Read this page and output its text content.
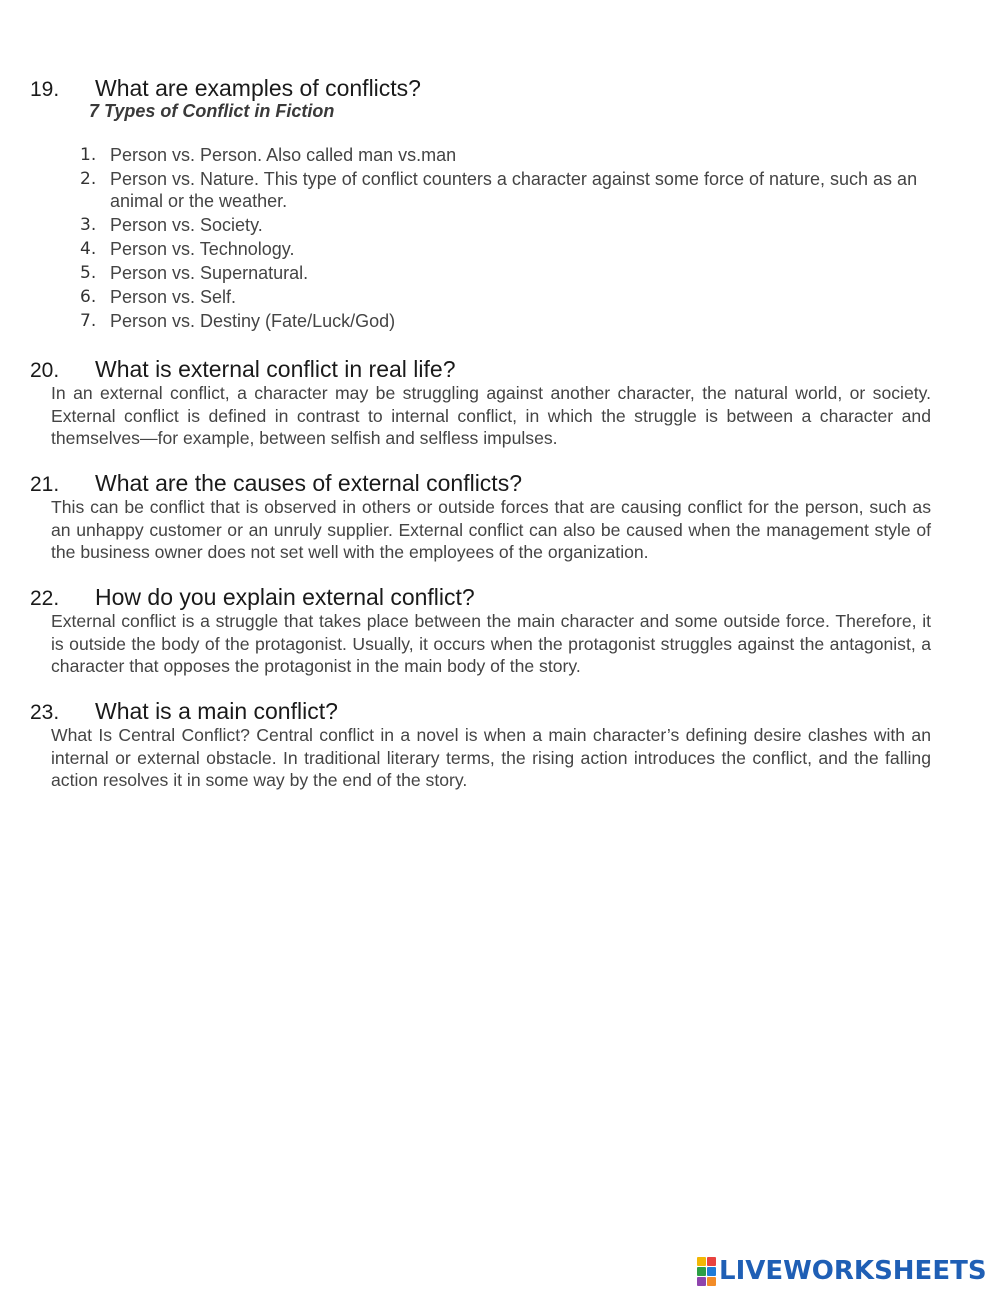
19.	What are examples of conflicts?
7 Types of Conflict in Fiction
1. Person vs. Person. Also called man vs.man
2. Person vs. Nature. This type of conflict counters a character against some force of nature, such as an animal or the weather.
3. Person vs. Society.
4. Person vs. Technology.
5. Person vs. Supernatural.
6. Person vs. Self.
7. Person vs. Destiny (Fate/Luck/God)
20.	What is external conflict in real life?
In an external conflict, a character may be struggling against another character, the natural world, or society. External conflict is defined in contrast to internal conflict, in which the struggle is between a character and themselves—for example, between selfish and selfless impulses.
21.	What are the causes of external conflicts?
This can be conflict that is observed in others or outside forces that are causing conflict for the person, such as an unhappy customer or an unruly supplier. External conflict can also be caused when the management style of the business owner does not set well with the employees of the organization.
22.	How do you explain external conflict?
External conflict is a struggle that takes place between the main character and some outside force. Therefore, it is outside the body of the protagonist. Usually, it occurs when the protagonist struggles against the antagonist, a character that opposes the protagonist in the main body of the story.
23.	What is a main conflict?
What Is Central Conflict? Central conflict in a novel is when a main character’s defining desire clashes with an internal or external obstacle. In traditional literary terms, the rising action introduces the conflict, and the falling action resolves it in some way by the end of the story.
LIVEWORKSHEETS
